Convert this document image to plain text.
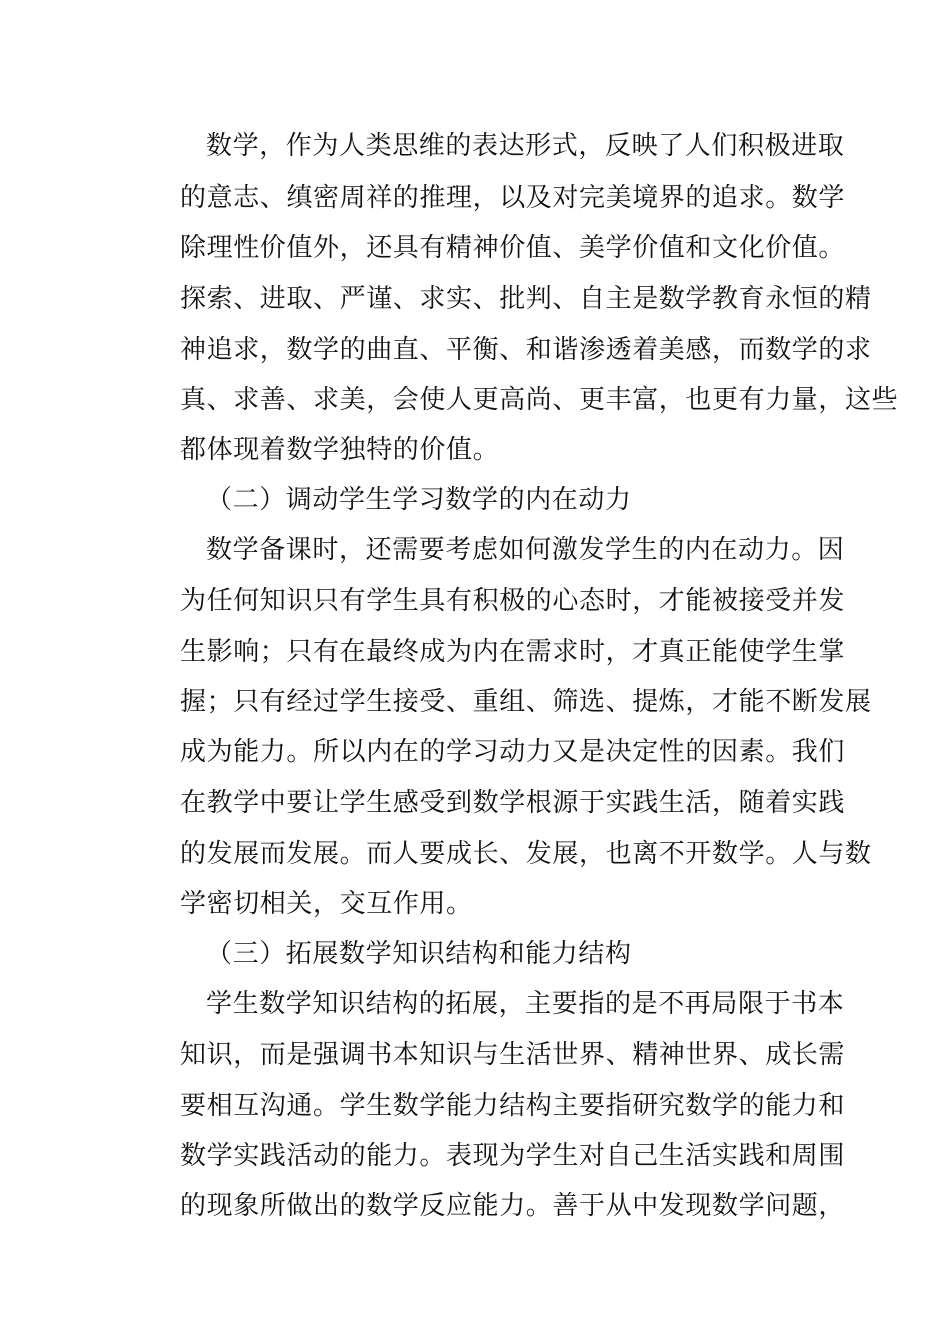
数学，作为人类思维的表达形式，反映了人们积极进取
的意志、缜密周祥的推理，以及对完美境界的追求。数学
除理性价值外，还具有精神价值、美学价值和文化价值。
探索、进取、严谨、求实、批判、自主是数学教育永恒的精
神追求，数学的曲直、平衡、和谐渗透着美感，而数学的求
真、求善、求美，会使人更高尚、更丰富，也更有力量，这些
都体现着数学独特的价值。
（二）调动学生学习数学的内在动力
数学备课时，还需要考虑如何激发学生的内在动力。因
为任何知识只有学生具有积极的心态时，才能被接受并发
生影响；只有在最终成为内在需求时，才真正能使学生掌
握；只有经过学生接受、重组、筛选、提炼，才能不断发展
成为能力。所以内在的学习动力又是决定性的因素。我们
在教学中要让学生感受到数学根源于实践生活，随着实践
的发展而发展。而人要成长、发展，也离不开数学。人与数
学密切相关，交互作用。
（三）拓展数学知识结构和能力结构
学生数学知识结构的拓展，主要指的是不再局限于书本
知识，而是强调书本知识与生活世界、精神世界、成长需
要相互沟通。学生数学能力结构主要指研究数学的能力和
数学实践活动的能力。表现为学生对自己生活实践和周围
的现象所做出的数学反应能力。善于从中发现数学问题，
